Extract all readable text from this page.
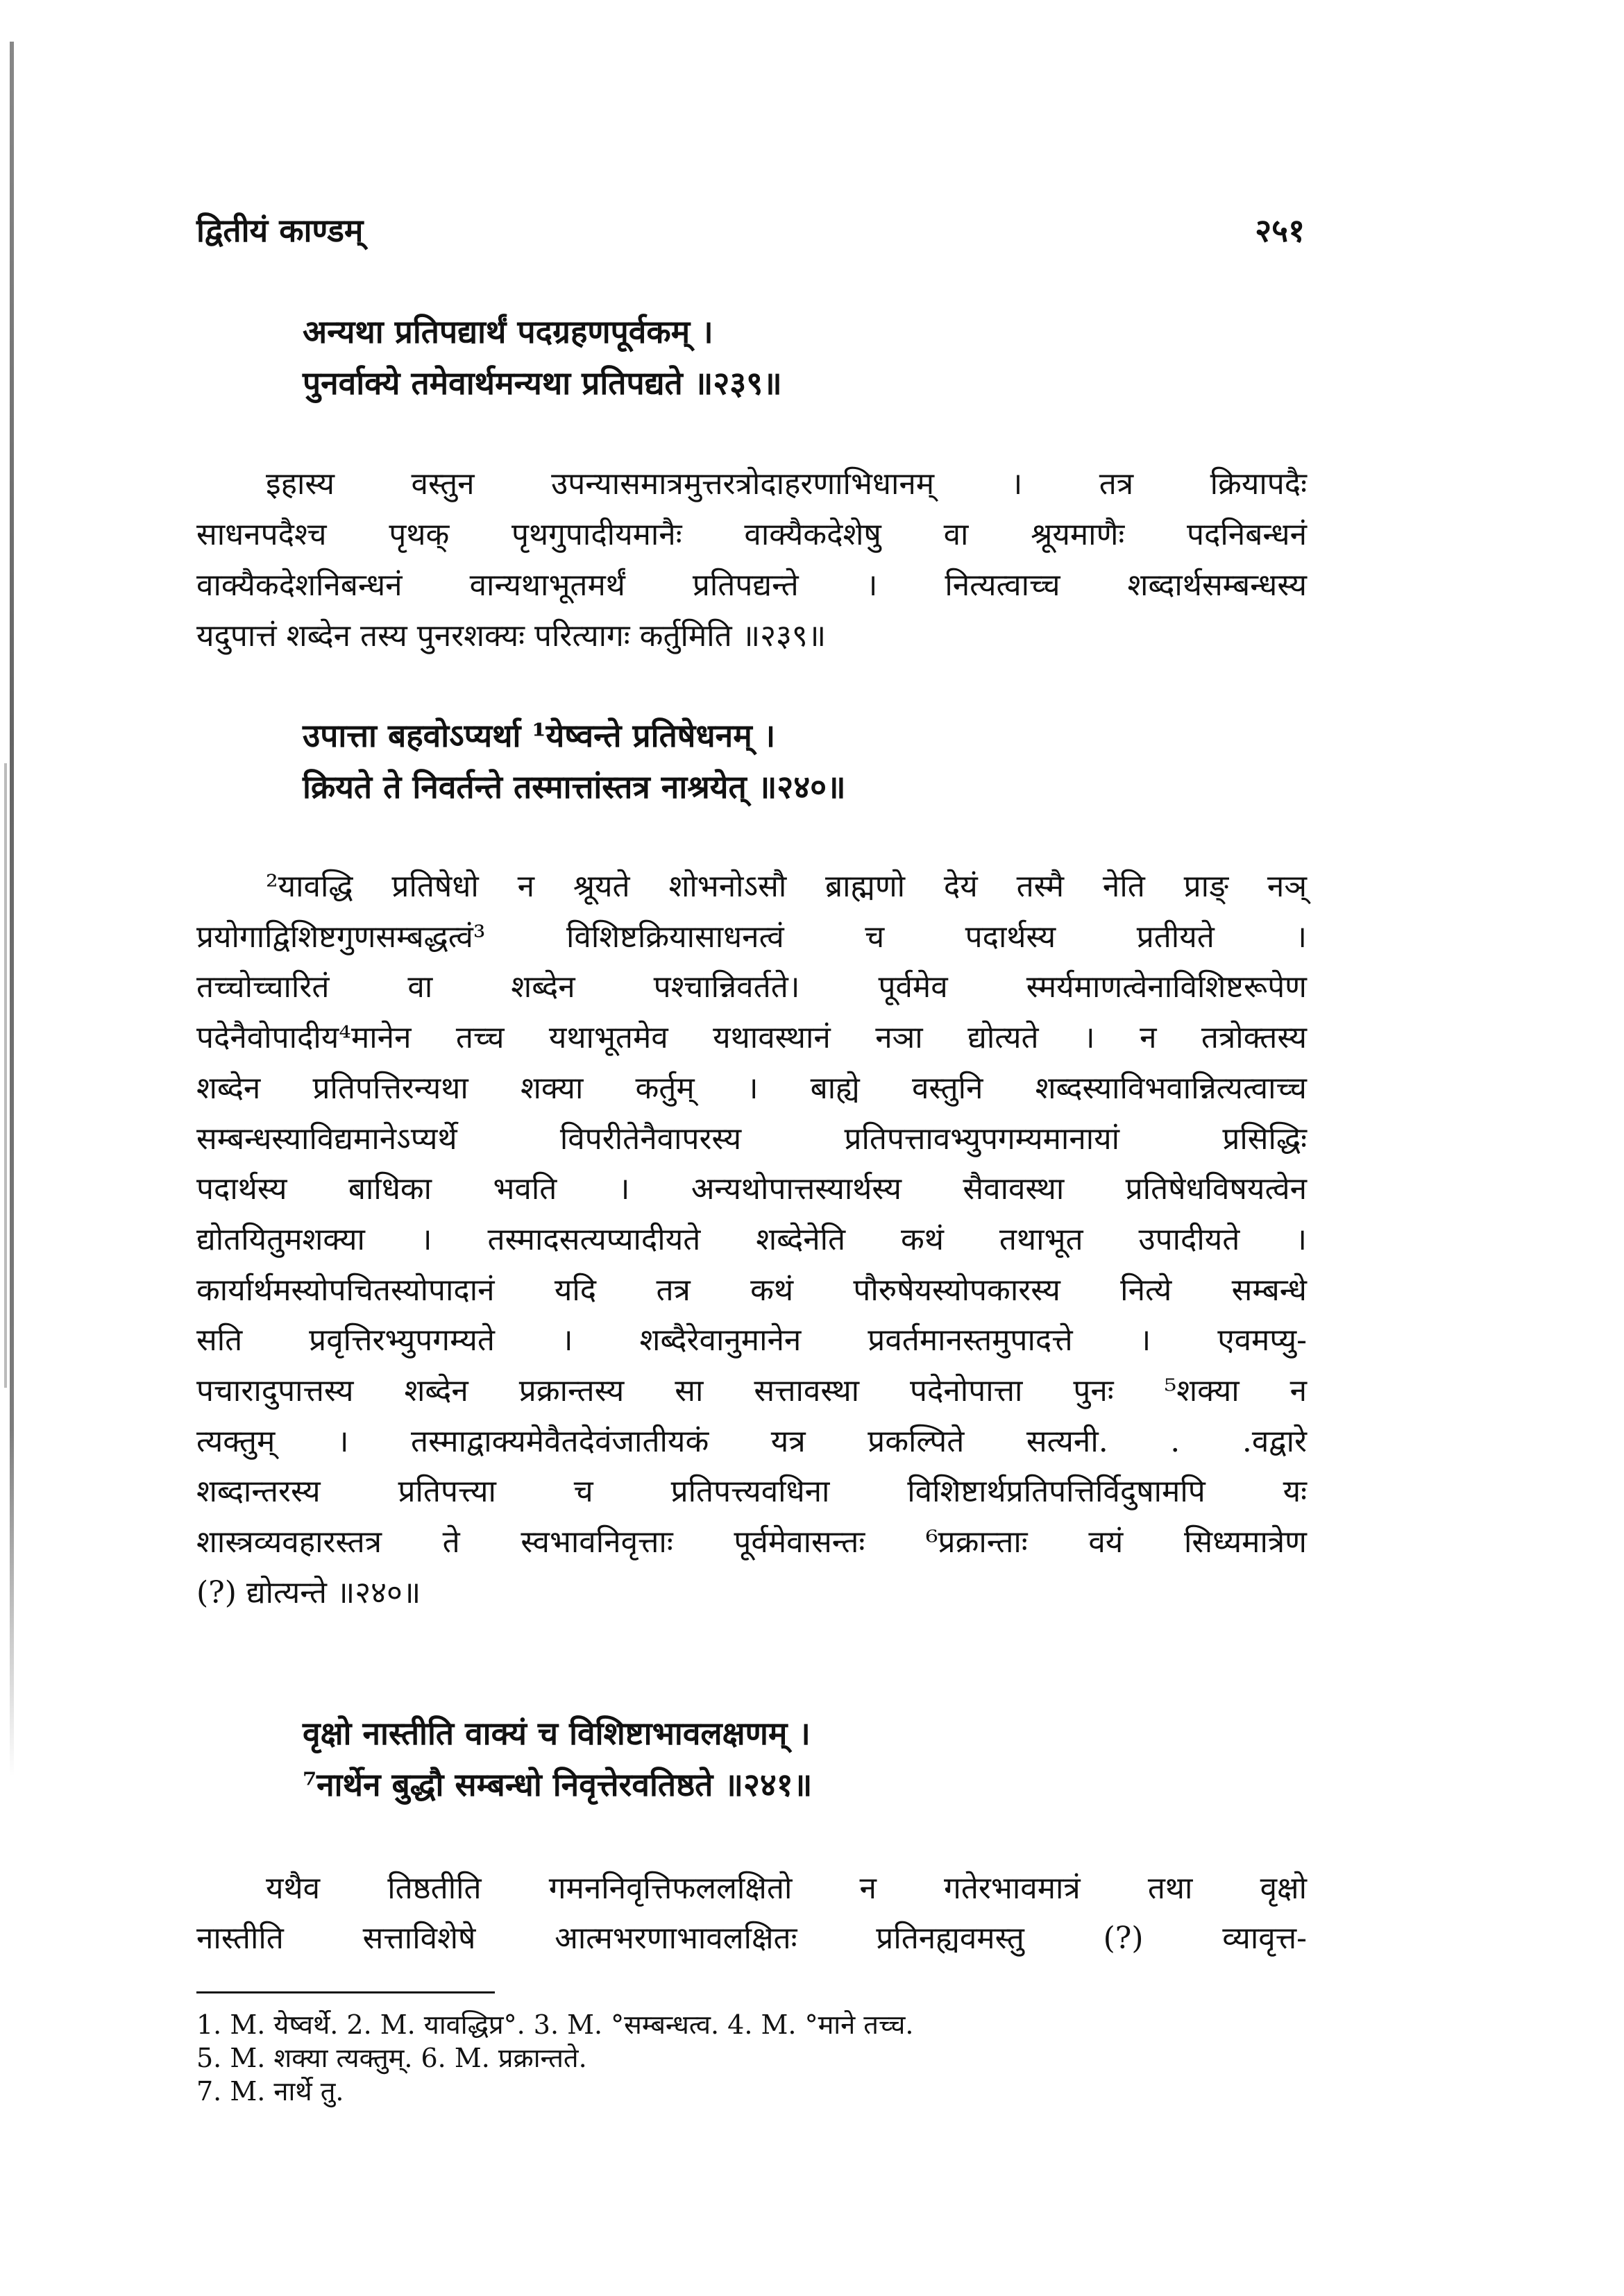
द्वितीयं काण्डम्	२५१
अन्यथा प्रतिपद्यार्थं पदग्रहणपूर्वकम् ।
पुनर्वाक्ये तमेवार्थमन्यथा प्रतिपद्यते ॥२३९॥
इहास्य वस्तुन उपन्यासमात्रमुत्तरत्रोदाहरणाभिधानम् । तत्र क्रियापदैः
साधनपदैश्च पृथक् पृथगुपादीयमानैः वाक्यैकदेशेषु वा श्रूयमाणैः पदनिबन्धनं
वाक्यैकदेशनिबन्धनं वान्यथाभूतमर्थं प्रतिपद्यन्ते । नित्यत्वाच्च शब्दार्थसम्बन्धस्य
यदुपात्तं शब्देन तस्य पुनरशक्यः परित्यागः कर्तुमिति ॥२३९॥
उपात्ता बहवोऽप्यर्था ¹येष्वन्ते प्रतिषेधनम् ।
क्रियते ते निवर्तन्ते तस्मात्तांस्तत्र नाश्रयेत् ॥२४०॥
²यावद्धि प्रतिषेधो न श्रूयते शोभनोऽसौ ब्राह्मणो देयं तस्मै नेति प्राङ् नञ्
प्रयोगाद्विशिष्टगुणसम्बद्धत्वं³ विशिष्टक्रियासाधनत्वं च पदार्थस्य प्रतीयते ।
तच्चोच्चारितं वा शब्देन पश्चान्निवर्तते। पूर्वमेव स्मर्यमाणत्वेनाविशिष्टरूपेण
पदेनैवोपादीय⁴मानेन तच्च यथाभूतमेव यथावस्थानं नञा द्योत्यते । न तत्रोक्तस्य
शब्देन प्रतिपत्तिरन्यथा शक्या कर्तुम् । बाह्ये वस्तुनि शब्दस्याविभवान्नित्यत्वाच्च
सम्बन्धस्याविद्यमानेऽप्यर्थे विपरीतेनैवापरस्य प्रतिपत्तावभ्युपगम्यमानायां प्रसिद्धिः
पदार्थस्य बाधिका भवति । अन्यथोपात्तस्यार्थस्य सैवावस्था प्रतिषेधविषयत्वेन
द्योतयितुमशक्या । तस्मादसत्यप्यादीयते शब्देनेति कथं तथाभूत उपादीयते ।
कार्यार्थमस्योपचितस्योपादानं यदि तत्र कथं पौरुषेयस्योपकारस्य नित्ये सम्बन्धे
सति प्रवृत्तिरभ्युपगम्यते । शब्दैरेवानुमानेन प्रवर्तमानस्तमुपादत्ते । एवमप्यु-
पचारादुपात्तस्य शब्देन प्रक्रान्तस्य सा सत्तावस्था पदेनोपात्ता पुनः ⁵शक्या न
त्यक्तुम् । तस्माद्वाक्यमेवैतदेवंजातीयकं यत्र प्रकल्पिते सत्यनी. . .वद्वारे
शब्दान्तरस्य प्रतिपत्त्या च प्रतिपत्त्यवधिना विशिष्टार्थप्रतिपत्तिर्विदुषामपि यः
शास्त्रव्यवहारस्तत्र ते स्वभावनिवृत्ताः पूर्वमेवासन्तः ⁶प्रक्रान्ताः वयं सिध्यमात्रेण
(?) द्योत्यन्ते ॥२४०॥
वृक्षो नास्तीति वाक्यं च विशिष्टाभावलक्षणम् ।
⁷नार्थेन बुद्धौ सम्बन्धो निवृत्तेरवतिष्ठते ॥२४१॥
यथैव तिष्ठतीति गमननिवृत्तिफललक्षितो न गतेरभावमात्रं तथा वृक्षो
नास्तीति सत्ताविशेषे आत्मभरणाभावलक्षितः प्रतिनह्यवमस्तु (?) व्यावृत्त-
1. M. येष्वर्थे. 2. M. यावद्धिप्र°. 3. M. °सम्बन्धत्व. 4. M. °माने तच्च.
5. M. शक्या त्यक्तुम्. 6. M. प्रक्रान्तते.
7. M. नार्थे तु.
